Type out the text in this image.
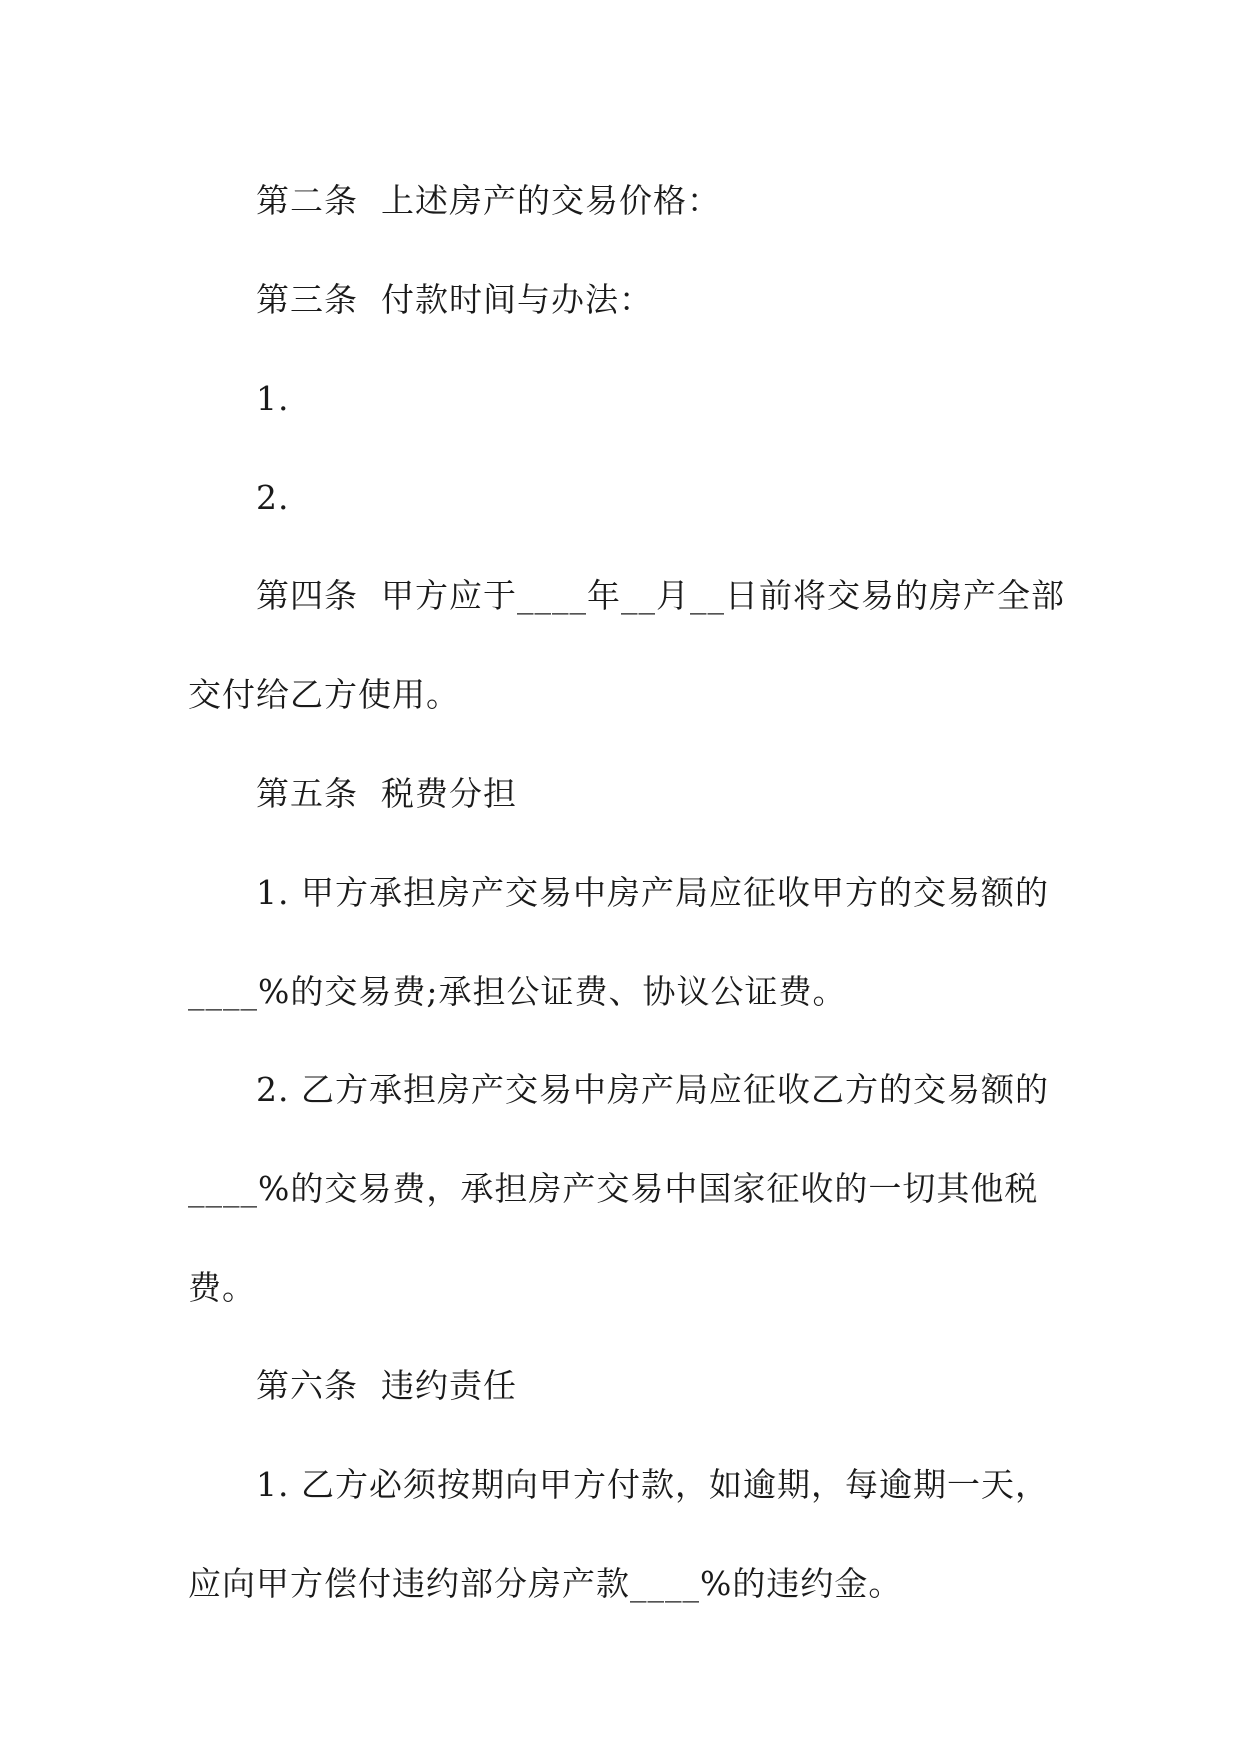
第二条  上述房产的交易价格：
第三条  付款时间与办法：
1.
2.
第四条  甲方应于____年__月__日前将交易的房产全部
交付给乙方使用。
第五条  税费分担
1. 甲方承担房产交易中房产局应征收甲方的交易额的
____%的交易费;承担公证费、协议公证费。
2. 乙方承担房产交易中房产局应征收乙方的交易额的
____%的交易费，承担房产交易中国家征收的一切其他税
费。
第六条  违约责任
1. 乙方必须按期向甲方付款，如逾期，每逾期一天，
应向甲方偿付违约部分房产款____%的违约金。
